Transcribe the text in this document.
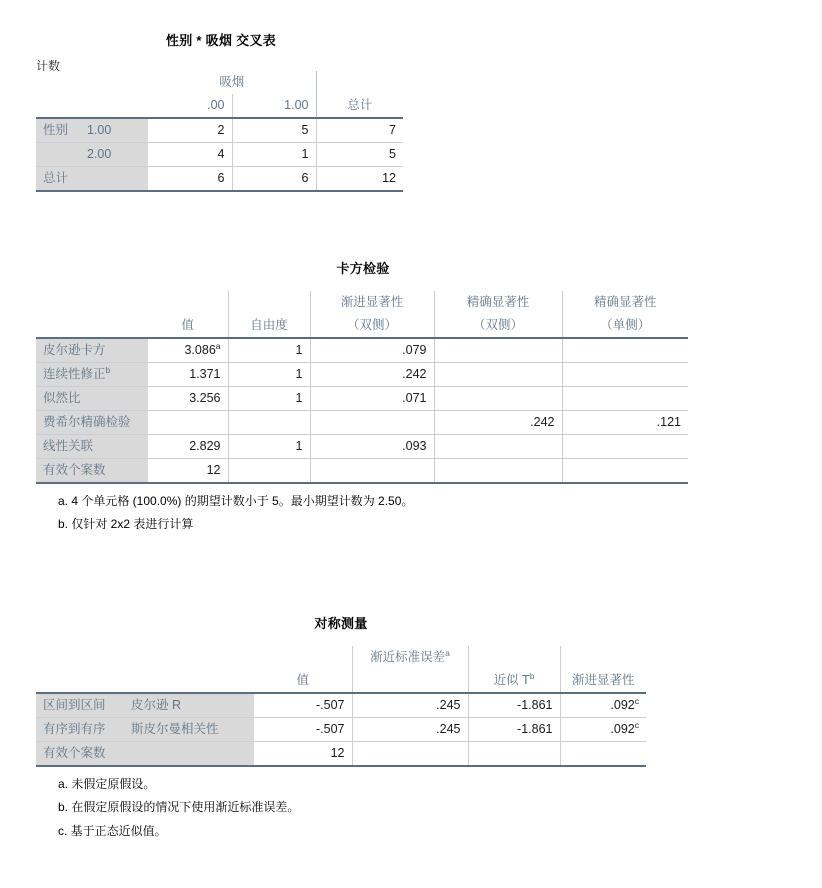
性别 * 吸烟 交叉表
计数
		吸烟		
		.00	1.00	总计
性别	1.00	2	5	7
	2.00	4	1	5
总计		6	6	12
卡方检验
			渐进显著性	精确显著性	精确显著性
	值	自由度	（双侧）	（双侧）	（单侧）
皮尔逊卡方	3.086$^a$	1	.079		
连续性修正$^b$	1.371	1	.242		
似然比	3.256	1	.071		
费希尔精确检验				.242	.121
线性关联	2.829	1	.093		
有效个案数	12				
a. 4 个单元格 (100.0%) 的期望计数小于 5。最小期望计数为 2.50。
b. 仅针对 2x2 表进行计算
对称测量
			渐近标准误差$^a$		
		值		近似 $T^b$	渐进显著性
区间到区间	皮尔逊 R	-.507	.245	-1.861	.092$^c$
有序到有序	斯皮尔曼相关性	-.507	.245	-1.861	.092$^c$
有效个案数		12			
a. 未假定原假设。
b. 在假定原假设的情况下使用渐近标准误差。
c. 基于正态近似值。
